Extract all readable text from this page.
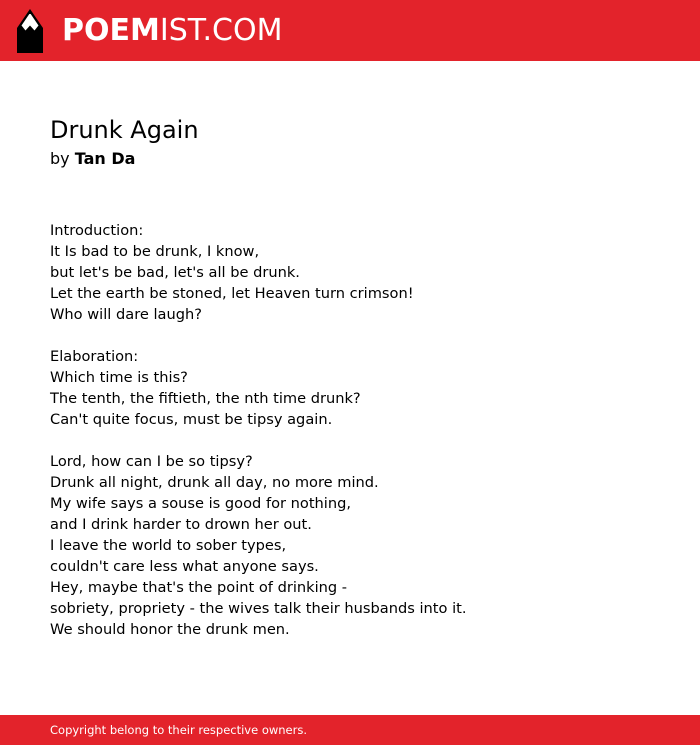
POEMIST.COM
Drunk Again

by Tan Da

Introduction:
It Is bad to be drunk, I know,
but let's be bad, let's all be drunk.
Let the earth be stoned, let Heaven turn crimson!
Who will dare laugh?

Elaboration:
Which time is this?
The tenth, the fiftieth, the nth time drunk?
Can't quite focus, must be tipsy again.

Lord, how can I be so tipsy?
Drunk all night, drunk all day, no more mind.
My wife says a souse is good for nothing,
and I drink harder to drown her out.
I leave the world to sober types,
couldn't care less what anyone says.
Hey, maybe that's the point of drinking -
sobriety, propriety - the wives talk their husbands into it.
We should honor the drunk men.

Copyright belong to their respective owners.
